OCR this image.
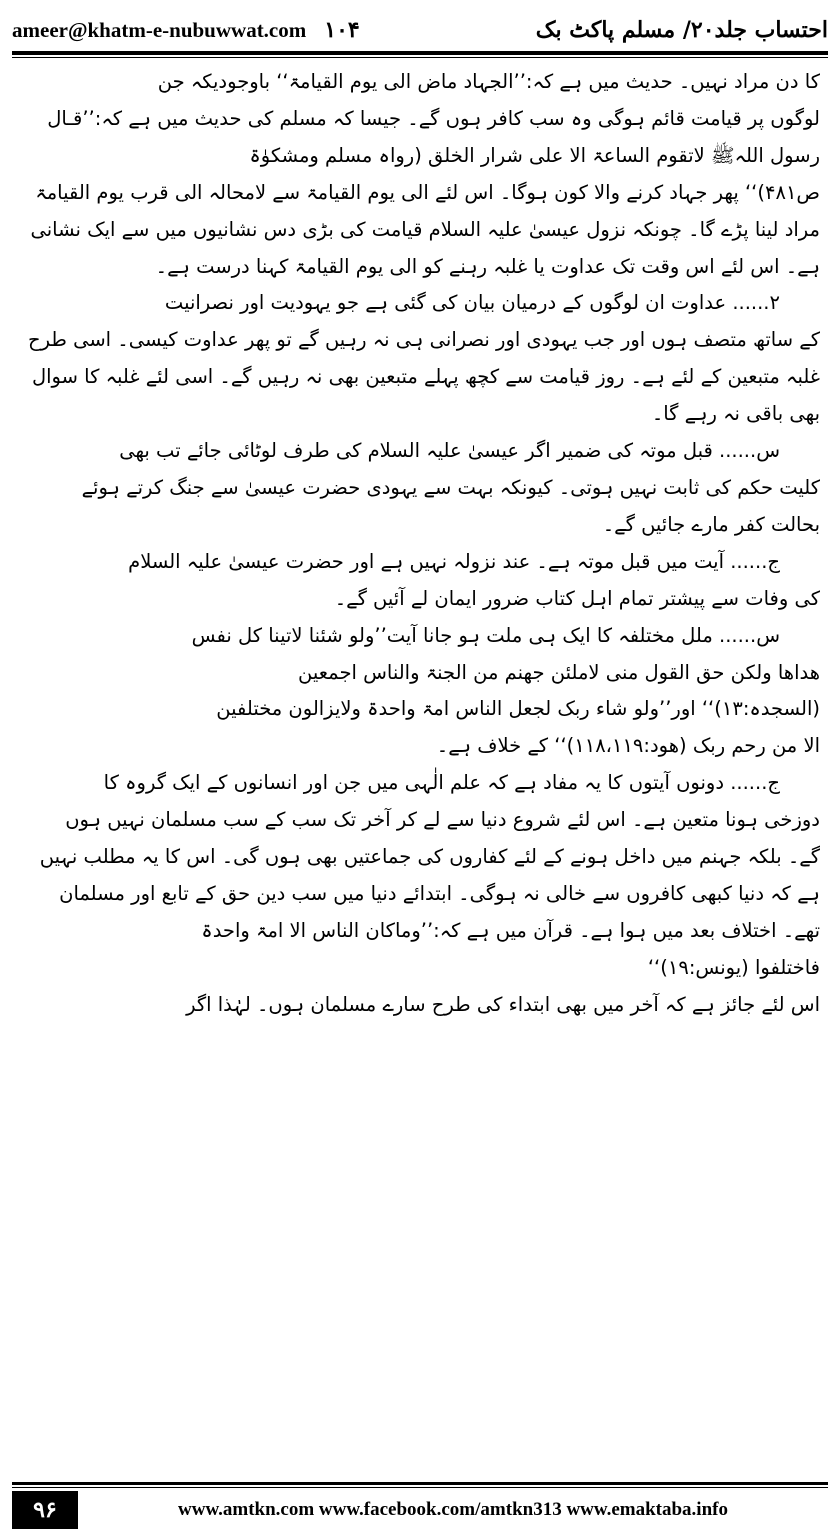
ameer@khatm-e-nubuwwat.com ۱۰۴	احتساب جلد۲۰/ مسلم پاکٹ بک

کا دن مراد نہیں۔ حدیث میں ہے کہ:’’الجہاد ماض الی یوم القیامۃ‘‘ باوجودیکہ جن

لوگوں پر قیامت قائم ہوگی وہ سب کافر ہوں گے۔ جیسا کہ مسلم کی حدیث میں ہے کہ:’’قـال

رسول اللہﷺ لاتقوم الساعۃ الا علی شرار الخلق (رواہ مسلم ومشکوٰۃ

ص۴۸۱)‘‘ پھر جہاد کرنے والا کون ہوگا۔ اس لئے الی یوم القیامۃ سے لامحالہ الی قرب یوم القیامۃ

مراد لینا پڑے گا۔ چونکہ نزول عیسیٰ علیہ السلام قیامت کی بڑی دس نشانیوں میں سے ایک نشانی

ہے۔ اس لئے اس وقت تک عداوت یا غلبہ رہنے کو الی یوم القیامۃ کہنا درست ہے۔

۲...... عداوت ان لوگوں کے درمیان بیان کی گئی ہے جو یہودیت اور نصرانیت

کے ساتھ متصف ہوں اور جب یہودی اور نصرانی ہی نہ رہیں گے تو پھر عداوت کیسی۔ اسی طرح

غلبہ متبعین کے لئے ہے۔ روز قیامت سے کچھ پہلے متبعین بھی نہ رہیں گے۔ اسی لئے غلبہ کا سوال

بھی باقی نہ رہے گا۔

س...... قبل موتہ کی ضمیر اگر عیسیٰ علیہ السلام کی طرف لوٹائی جائے تب بھی

کلیت حکم کی ثابت نہیں ہوتی۔ کیونکہ بہت سے یہودی حضرت عیسیٰ سے جنگ کرتے ہوئے

بحالت کفر مارے جائیں گے۔

ج...... آیت میں قبل موتہ ہے۔ عند نزولہ نہیں ہے اور حضرت عیسیٰ علیہ السلام

کی وفات سے پیشتر تمام اہل کتاب ضرور ایمان لے آئیں گے۔

س...... ملل مختلفہ کا ایک ہی ملت ہو جانا آیت’’ولو شئنا لاتینا کل نفس

ھداھا ولکن حق القول منی لاملئن جھنم من الجنۃ والناس اجمعین

(السجدہ:۱۳)‘‘ اور’’ولو شاء ربک لجعل الناس امۃ واحدۃ ولایزالون مختلفین

الا من رحم ربک (ھود:۱۱۸،۱۱۹)‘‘ کے خلاف ہے۔

ج...... دونوں آیتوں کا یہ مفاد ہے کہ علم الٰہی میں جن اور انسانوں کے ایک گروہ کا

دوزخی ہونا متعین ہے۔ اس لئے شروع دنیا سے لے کر آخر تک سب کے سب مسلمان نہیں ہوں

گے۔ بلکہ جہنم میں داخل ہونے کے لئے کفاروں کی جماعتیں بھی ہوں گی۔ اس کا یہ مطلب نہیں

ہے کہ دنیا کبھی کافروں سے خالی نہ ہوگی۔ ابتدائے دنیا میں سب دین حق کے تابع اور مسلمان

تھے۔ اختلاف بعد میں ہوا ہے۔ قرآن میں ہے کہ:’’وماکان الناس الا امۃ واحدۃ

فاختلفوا (یونس:۱۹)‘‘

اس لئے جائز ہے کہ آخر میں بھی ابتداء کی طرح سارے مسلمان ہوں۔ لہٰذا اگر

۹۶	www.amtkn.com www.facebook.com/amtkn313 www.emaktaba.info
